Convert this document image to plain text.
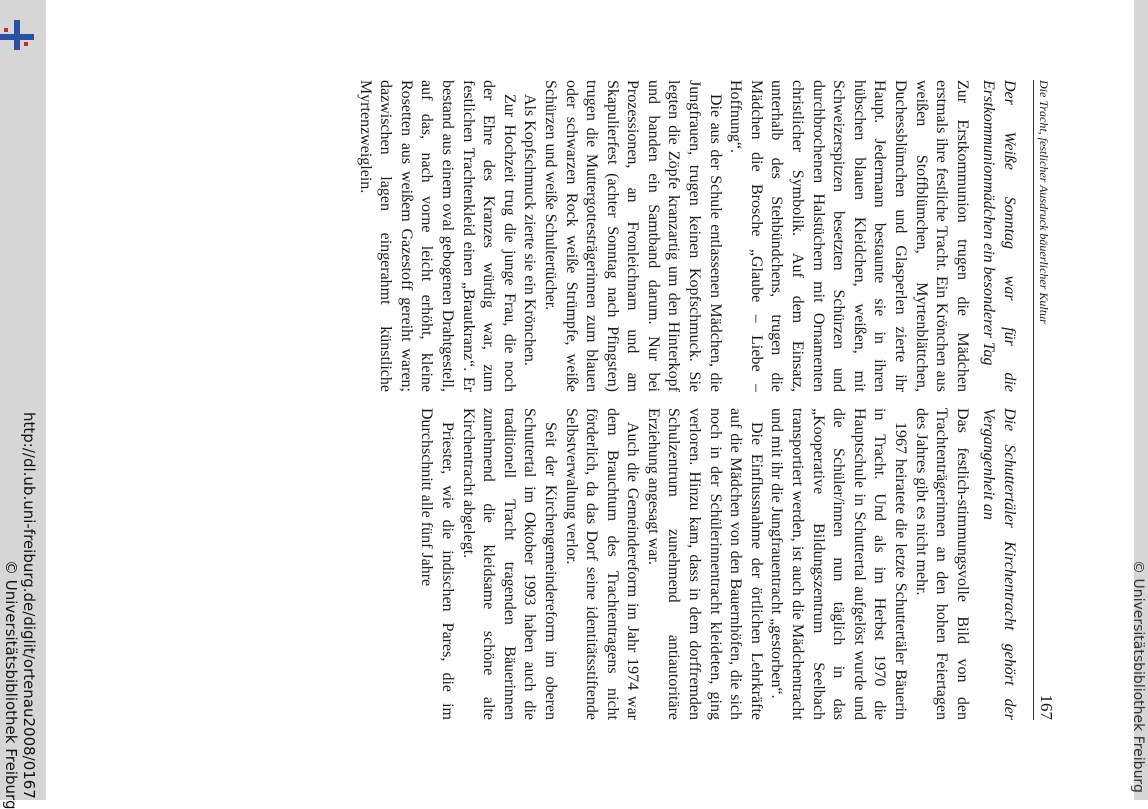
http://dl.ub.uni-freiburg.de/diglit/ortenau2008/0167
© Universitätsbibliothek Freiburg	© Universitätsbibliothek Freiburg
Die Tracht, festlicher Ausdruck bäuerlicher Kultur
167
Der Weiße Sonntag war für die Erstkommunionmädchen ein besonderer Tag

Zur Erstkommunion trugen die Mädchen erstmals ihre festliche Tracht. Ein Krönchen aus weißen Stoffblümchen, Myrtenblättchen, Duchessblümchen und Glasperlen zierte ihr Haupt. Jedermann bestaunte sie in ihren hübschen blauen Kleidchen, weißen, mit Schweizerspitzen besetzten Schürzen und durchbrochenen Halstüchern mit Ornamenten christlicher Symbolik. Auf dem Einsatz, unterhalb des Stehbündchens, trugen die Mädchen die Brosche „Glaube – Liebe – Hoffnung“.

Die aus der Schule entlassenen Mädchen, die Jungfrauen, trugen keinen Kopfschmuck. Sie legten die Zöpfe kranzartig um den Hinterkopf und banden ein Samtband darum. Nur bei Prozessionen, an Fronleichnam und am Skapulierfest (achter Sonntag nach Pfingsten) trugen die Muttergottesträgerinnen zum blauen oder schwarzen Rock weiße Strümpfe, weiße Schürzen und weiße Schultertücher.

Als Kopfschmuck zierte sie ein Krönchen.

Zur Hochzeit trug die junge Frau, die noch der Ehre des Kranzes würdig war, zum festlichen Trachtenkleid einen „Brautkranz“. Er bestand aus einem oval gebogenen Drahtgestell, auf das, nach vorne leicht erhöht, kleine Rosetten aus weißem Gazestoff gereiht waren; dazwischen lagen eingerahmt künstliche Myrtenzweiglein.

Die Schuttertäler Kirchentracht gehört der Vergangenheit an

Das festlich-stimmungsvolle Bild von den Trachtenträgerinnen an den hohen Feiertagen des Jahres gibt es nicht mehr.

1967 heiratete die letzte Schuttertäler Bäuerin in Tracht. Und als im Herbst 1970 die Hauptschule in Schuttertal aufgelöst wurde und die Schüler/innen nun täglich in das „Kooperative Bildungszentrum Seelbach transportiert werden, ist auch die Mädchentracht und mit ihr die Jungfrauentracht „gestorben“.

Die Einflussnahme der örtlichen Lehrkräfte auf die Mädchen von den Bauernhöfen, die sich noch in der Schülerinnentracht kleideten, ging verloren. Hinzu kam, dass in dem dorffremden Schulzentrum zunehmend antiautoritäre Erziehung angesagt war.

Auch die Gemeindereform im Jahr 1974 war dem Brauchtum des Trachtentragens nicht förderlich, da das Dorf seine identitätsstiftende Selbstverwaltung verlor.

Seit der Kirchengemeindereform im oberen Schuttertal im Oktober 1993 haben auch die traditionell Tracht tragenden Bäuerinnen zunehmend die kleidsame schöne alte Kirchentracht abgelegt.

Priester, wie die indischen Pares, die im Durchschnitt alle fünf Jahre
